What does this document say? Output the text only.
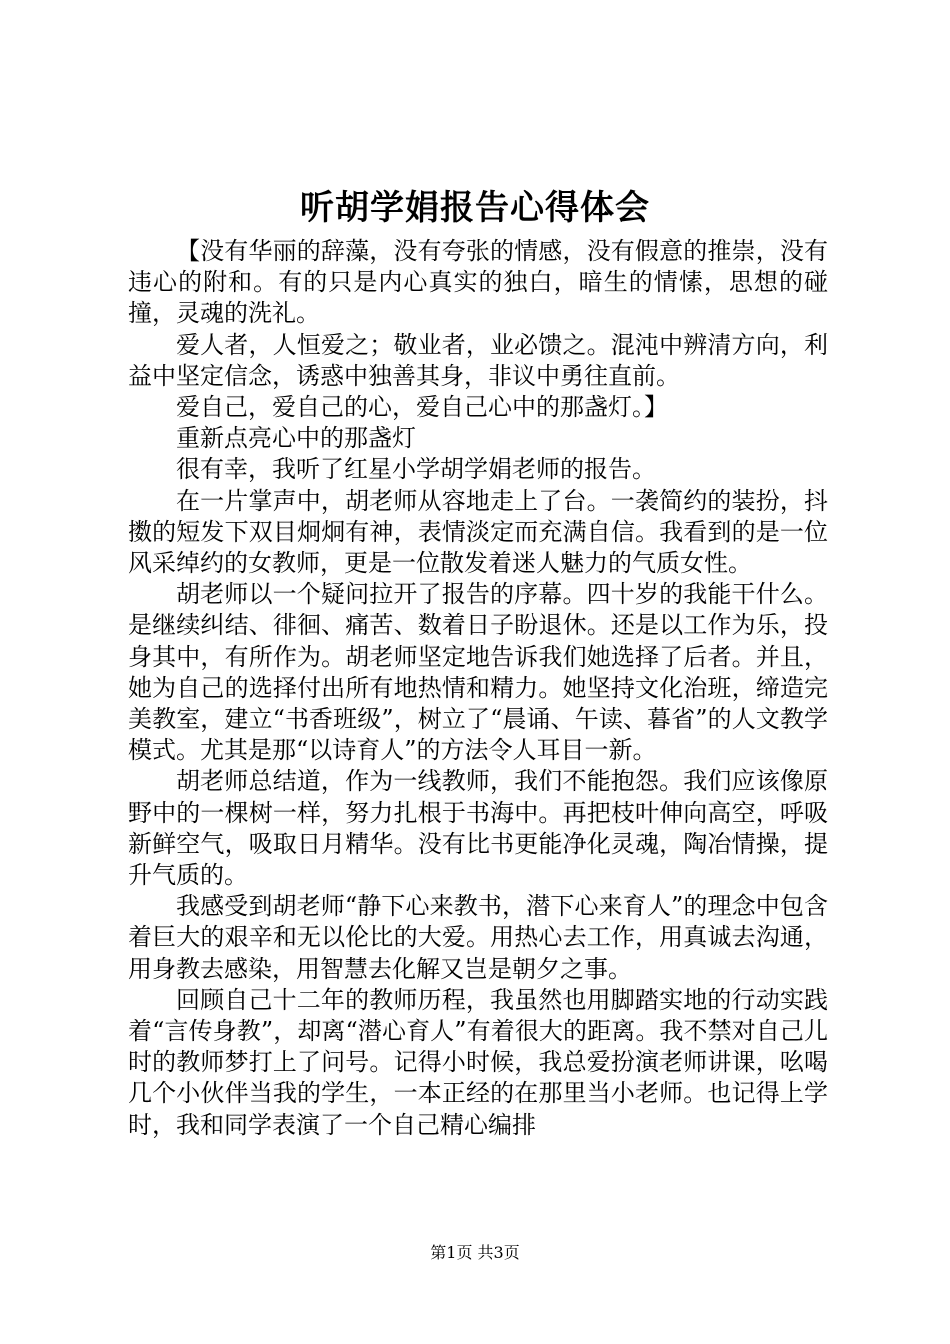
听胡学娟报告心得体会

【没有华丽的辞藻，没有夸张的情感，没有假意的推崇，没有违心的附和。有的只是内心真实的独白，暗生的情愫，思想的碰撞，灵魂的洗礼。

爱人者，人恒爱之；敬业者，业必馈之。混沌中辨清方向，利益中坚定信念，诱惑中独善其身，非议中勇往直前。

爱自己，爱自己的心，爱自己心中的那盏灯。】

重新点亮心中的那盏灯

很有幸，我听了红星小学胡学娟老师的报告。

在一片掌声中，胡老师从容地走上了台。一袭简约的装扮，抖擞的短发下双目炯炯有神，表情淡定而充满自信。我看到的是一位风采绰约的女教师，更是一位散发着迷人魅力的气质女性。

胡老师以一个疑问拉开了报告的序幕。四十岁的我能干什么。是继续纠结、徘徊、痛苦、数着日子盼退休。还是以工作为乐，投身其中，有所作为。胡老师坚定地告诉我们她选择了后者。并且，她为自己的选择付出所有地热情和精力。她坚持文化治班，缔造完美教室，建立“书香班级”，树立了“晨诵、午读、暮省”的人文教学模式。尤其是那“以诗育人”的方法令人耳目一新。

胡老师总结道，作为一线教师，我们不能抱怨。我们应该像原野中的一棵树一样，努力扎根于书海中。再把枝叶伸向高空，呼吸新鲜空气，吸取日月精华。没有比书更能净化灵魂，陶冶情操，提升气质的。

我感受到胡老师“静下心来教书，潜下心来育人”的理念中包含着巨大的艰辛和无以伦比的大爱。用热心去工作，用真诚去沟通，用身教去感染，用智慧去化解又岂是朝夕之事。

回顾自己十二年的教师历程，我虽然也用脚踏实地的行动实践着“言传身教”，却离“潜心育人”有着很大的距离。我不禁对自己儿时的教师梦打上了问号。记得小时候，我总爱扮演老师讲课，吆喝几个小伙伴当我的学生，一本正经的在那里当小老师。也记得上学时，我和同学表演了一个自己精心编排

第1页 共3页
